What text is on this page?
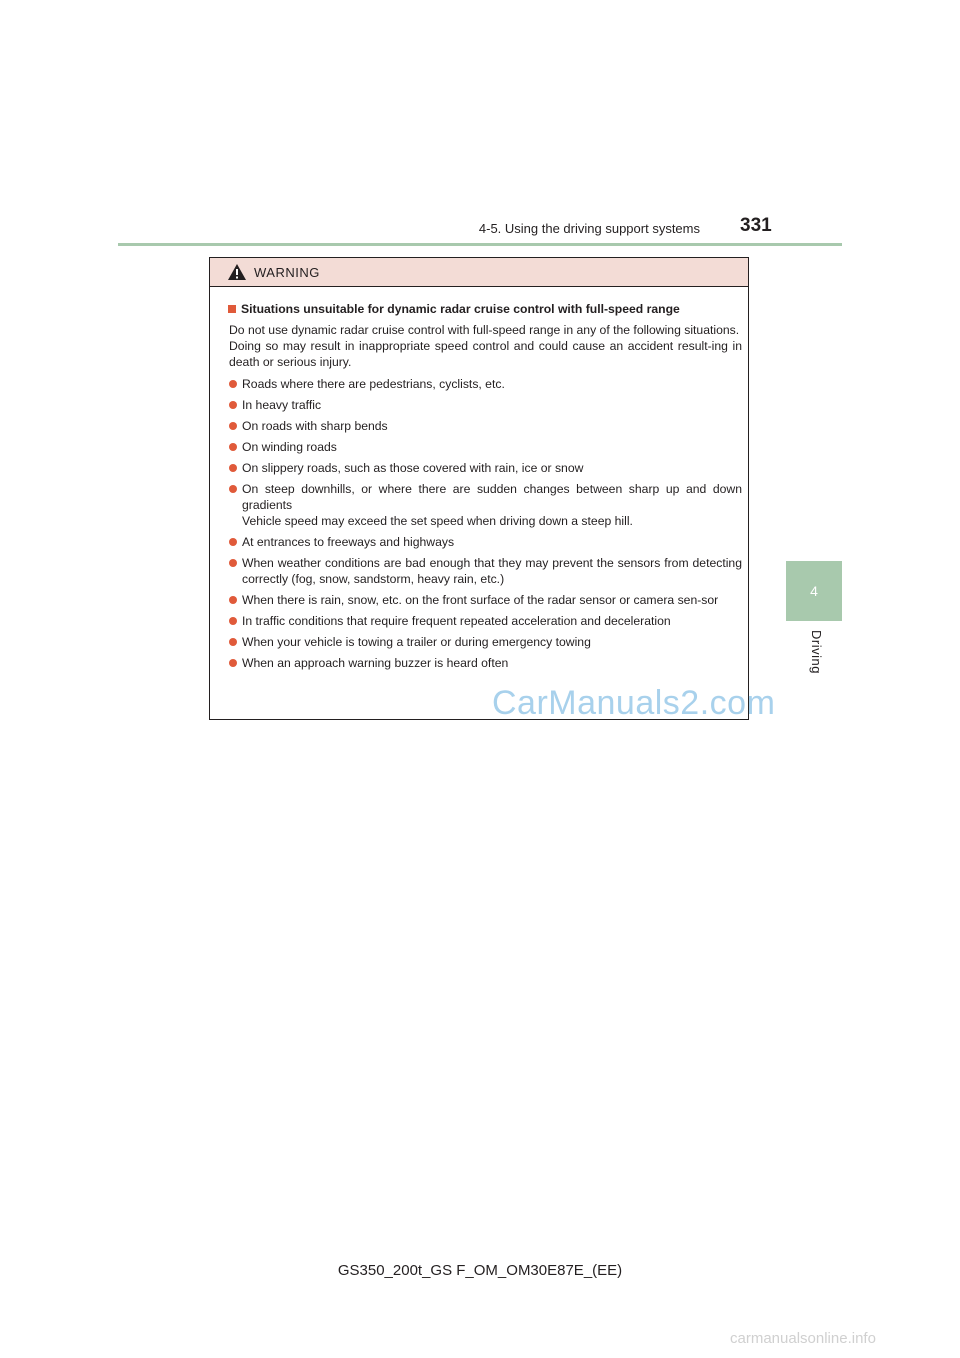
4-5. Using the driving support systems 331
4
Driving
WARNING
Situations unsuitable for dynamic radar cruise control with full-speed range

Do not use dynamic radar cruise control with full-speed range in any of the following situations.

Doing so may result in inappropriate speed control and could cause an accident result-ing in death or serious injury.

Roads where there are pedestrians, cyclists, etc.
In heavy traffic
On roads with sharp bends
On winding roads
On slippery roads, such as those covered with rain, ice or snow

On steep downhills, or where there are sudden changes between sharp up and down gradients

Vehicle speed may exceed the set speed when driving down a steep hill.

At entrances to freeways and highways
When weather conditions are bad enough that they may prevent the sensors from detecting correctly (fog, snow, sandstorm, heavy rain, etc.)
When there is rain, snow, etc. on the front surface of the radar sensor or camera sen-sor
In traffic conditions that require frequent repeated acceleration and deceleration
When your vehicle is towing a trailer or during emergency towing
When an approach warning buzzer is heard often
CarManuals2.com
GS350_200t_GS F_OM_OM30E87E_(EE)
carmanualsonline.info
